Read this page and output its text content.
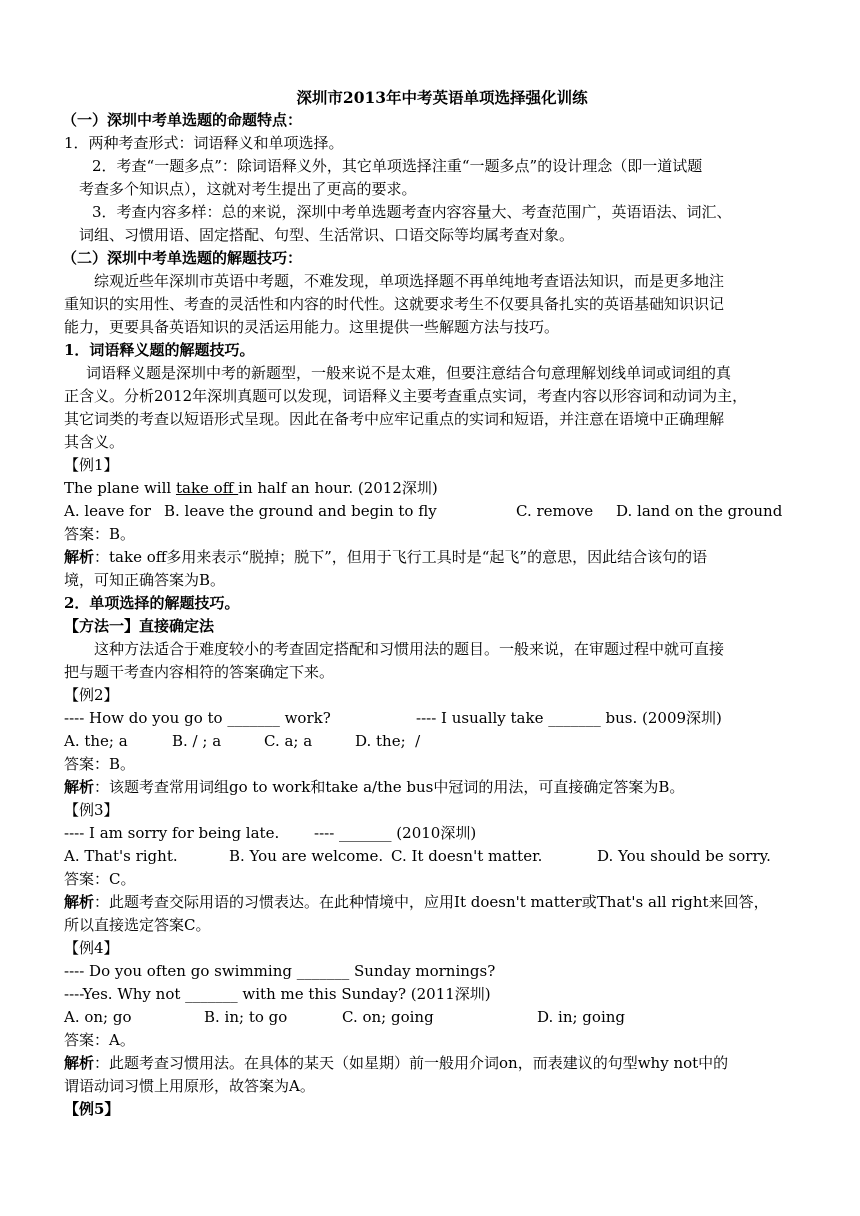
深圳市2013年中考英语单项选择强化训练
（一）深圳中考单选题的命题特点：
1．两种考查形式：词语释义和单项选择。
2．考查“一题多点”：除词语释义外，其它单项选择注重“一题多点”的设计理念（即一道试题
考查多个知识点），这就对考生提出了更高的要求。
3．考查内容多样：总的来说，深圳中考单选题考查内容容量大、考查范围广，英语语法、词汇、
词组、习惯用语、固定搭配、句型、生活常识、口语交际等均属考查对象。
（二）深圳中考单选题的解题技巧：
综观近些年深圳市英语中考题，不难发现，单项选择题不再单纯地考查语法知识，而是更多地注
重知识的实用性、考查的灵活性和内容的时代性。这就要求考生不仅要具备扎实的英语基础知识识记
能力，更要具备英语知识的灵活运用能力。这里提供一些解题方法与技巧。
1．词语释义题的解题技巧。
词语释义题是深圳中考的新题型，一般来说不是太难，但要注意结合句意理解划线单词或词组的真
正含义。分析2012年深圳真题可以发现，词语释义主要考查重点实词，考查内容以形容词和动词为主，
其它词类的考查以短语形式呈现。因此在备考中应牢记重点的实词和短语，并注意在语境中正确理解
其含义。
【例1】
The plane will take off in half an hour. (2012深圳)
A. leave for B. leave the ground and begin to fly	C. remove	D. land on the ground
答案：B。
解析：take off多用来表示“脱掉；脱下”，但用于飞行工具时是“起飞”的意思，因此结合该句的语
境，可知正确答案为B。
2．单项选择的解题技巧。
【方法一】直接确定法
这种方法适合于难度较小的考查固定搭配和习惯用法的题目。一般来说，在审题过程中就可直接
把与题干考查内容相符的答案确定下来。
【例2】
---- How do you go to _______ work?	---- I usually take _______ bus. (2009深圳)
A. the; a	B. / ; a	C. a; a	D. the;  /
答案：B。
解析：该题考查常用词组go to work和take a/the bus中冠词的用法，可直接确定答案为B。
【例3】
---- I am sorry for being late.	---- _______ (2010深圳)
A. That's right.	B. You are welcome. C. It doesn't matter.	D. You should be sorry.
答案：C。
解析：此题考查交际用语的习惯表达。在此种情境中，应用It doesn't matter或That's all right来回答，
所以直接选定答案C。
【例4】
---- Do you often go swimming _______ Sunday mornings?
----Yes. Why not _______ with me this Sunday? (2011深圳)
A. on; go	B. in; to go	C. on; going	D. in; going
答案：A。
解析：此题考查习惯用法。在具体的某天（如星期）前一般用介词on，而表建议的句型why not中的
谓语动词习惯上用原形，故答案为A。
【例5】
